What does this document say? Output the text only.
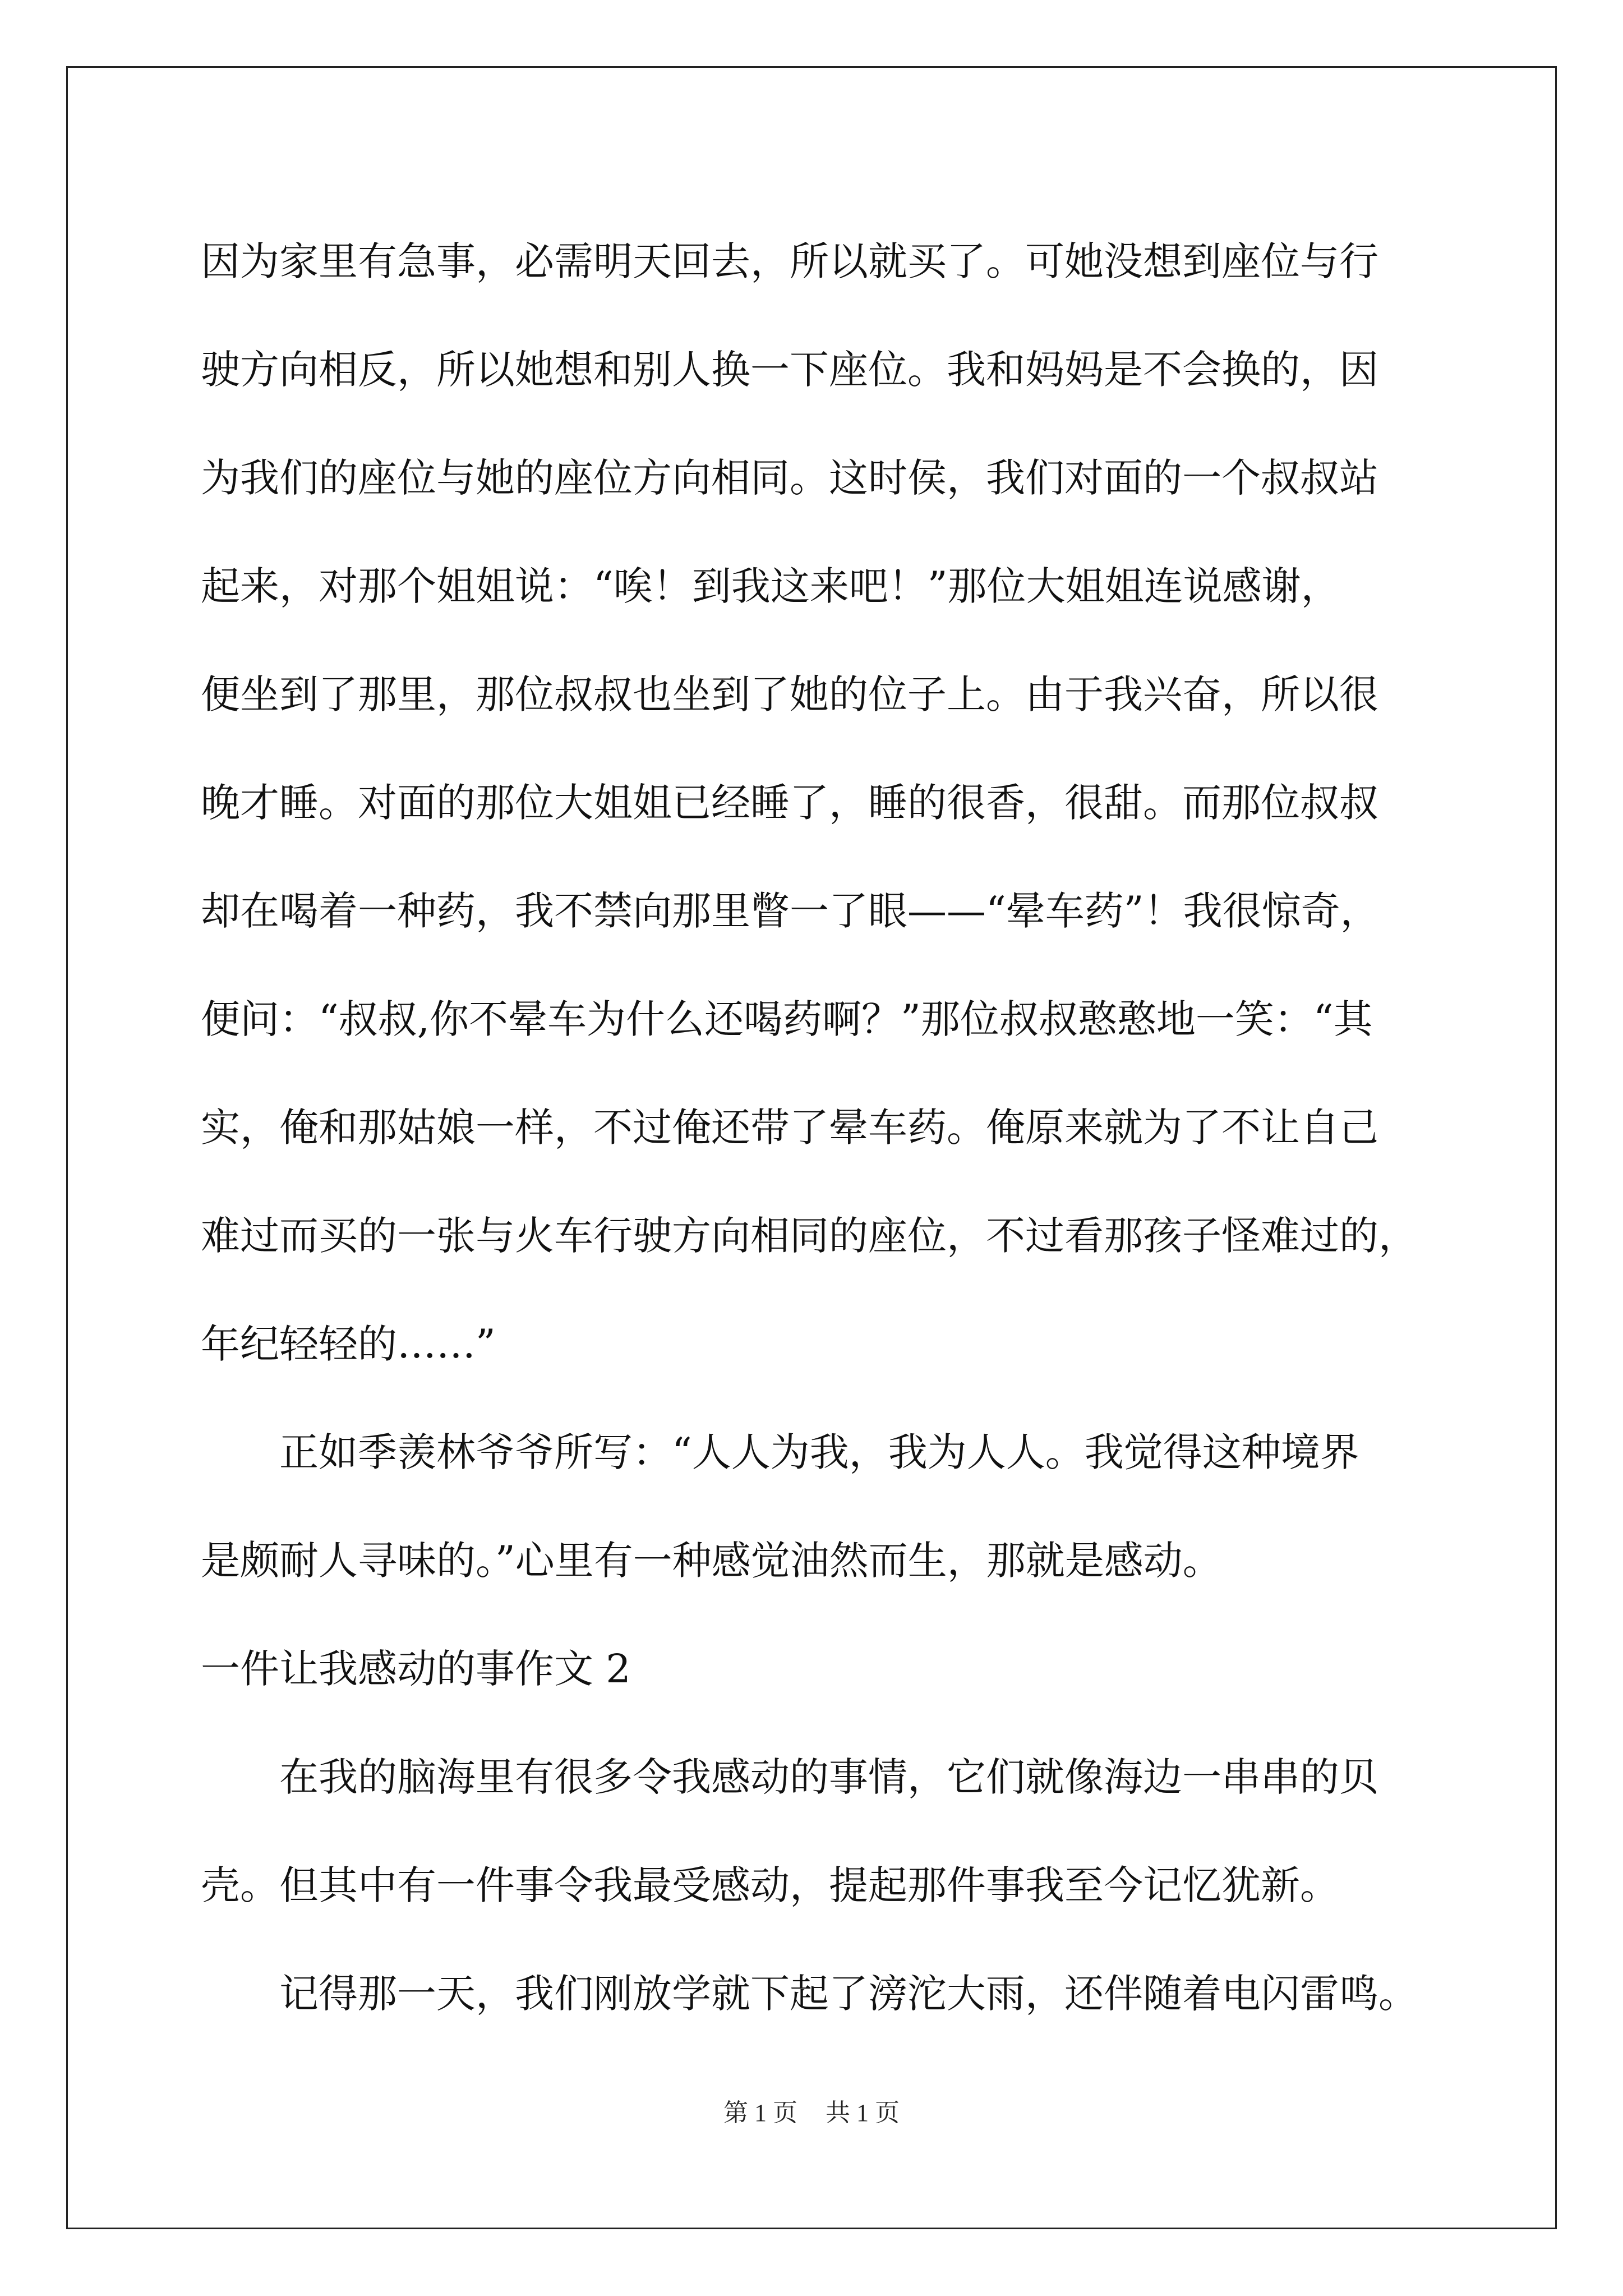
因为家里有急事，必需明天回去，所以就买了。可她没想到座位与行
驶方向相反，所以她想和别人换一下座位。我和妈妈是不会换的，因
为我们的座位与她的座位方向相同。这时侯，我们对面的一个叔叔站
起来，对那个姐姐说：“唉！到我这来吧！”那位大姐姐连说感谢，
便坐到了那里，那位叔叔也坐到了她的位子上。由于我兴奋，所以很
晚才睡。对面的那位大姐姐已经睡了，睡的很香，很甜。而那位叔叔
却在喝着一种药，我不禁向那里瞥一了眼——“晕车药”！我很惊奇，
便问：“叔叔,你不晕车为什么还喝药啊？”那位叔叔憨憨地一笑：“其
实，俺和那姑娘一样，不过俺还带了晕车药。俺原来就为了不让自己
难过而买的一张与火车行驶方向相同的座位，不过看那孩子怪难过的，
年纪轻轻的……”
正如季羡林爷爷所写：“人人为我，我为人人。我觉得这种境界
是颇耐人寻味的。”心里有一种感觉油然而生，那就是感动。
一件让我感动的事作文 2
在我的脑海里有很多令我感动的事情，它们就像海边一串串的贝
壳。但其中有一件事令我最受感动，提起那件事我至今记忆犹新。
记得那一天，我们刚放学就下起了滂沱大雨，还伴随着电闪雷鸣。
第 1 页 共 1 页
